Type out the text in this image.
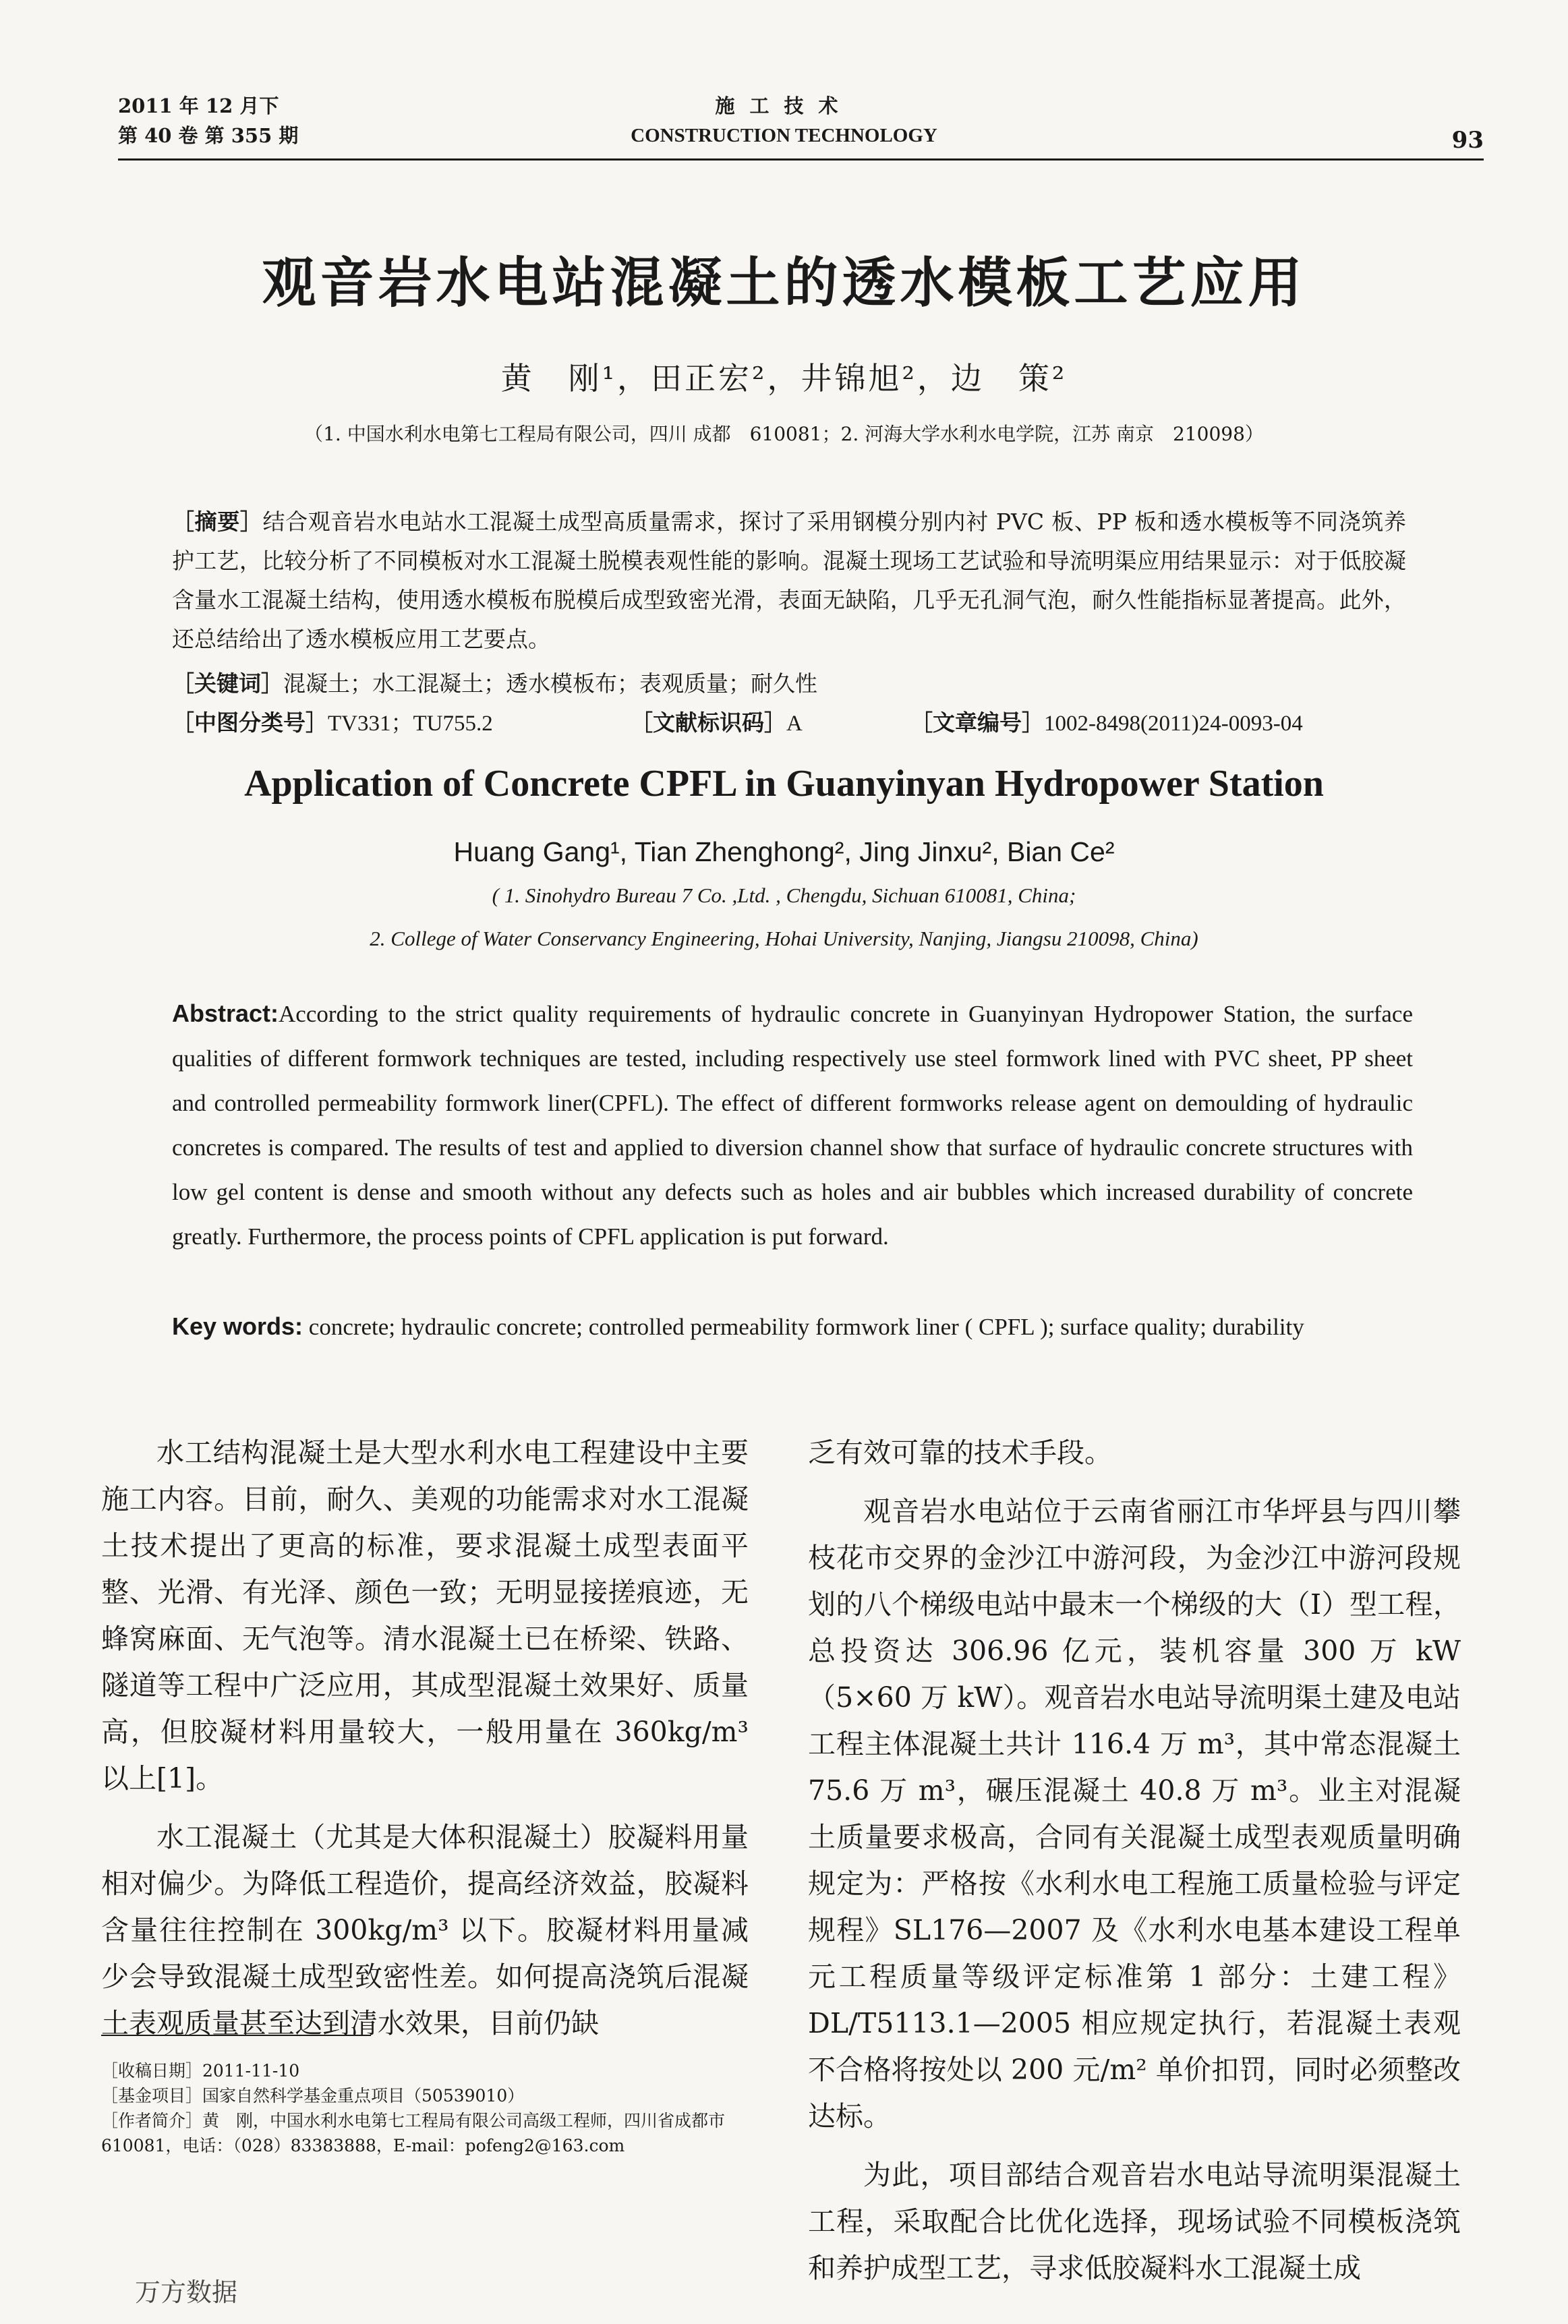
2011 年 12 月下
第 40 卷 第 355 期
施工技术
CONSTRUCTION TECHNOLOGY	93
观音岩水电站混凝土的透水模板工艺应用
黄　刚¹，田正宏²，井锦旭²，边　策²
（1. 中国水利水电第七工程局有限公司，四川 成都　610081；2. 河海大学水利水电学院，江苏 南京　210098）
［摘要］结合观音岩水电站水工混凝土成型高质量需求，探讨了采用钢模分别内衬 PVC 板、PP 板和透水模板等不同浇筑养护工艺，比较分析了不同模板对水工混凝土脱模表观性能的影响。混凝土现场工艺试验和导流明渠应用结果显示：对于低胶凝含量水工混凝土结构，使用透水模板布脱模后成型致密光滑，表面无缺陷，几乎无孔洞气泡，耐久性能指标显著提高。此外，还总结给出了透水模板应用工艺要点。
［关键词］混凝土；水工混凝土；透水模板布；表观质量；耐久性
［中图分类号］TV331；TU755.2	［文献标识码］A	［文章编号］1002-8498(2011)24-0093-04
Application of Concrete CPFL in Guanyinyan Hydropower Station
Huang Gang¹, Tian Zhenghong², Jing Jinxu², Bian Ce²
( 1. Sinohydro Bureau 7 Co. ,Ltd. , Chengdu, Sichuan 610081, China;
2. College of Water Conservancy Engineering, Hohai University, Nanjing, Jiangsu 210098, China)
Abstract:According to the strict quality requirements of hydraulic concrete in Guanyinyan Hydropower Station, the surface qualities of different formwork techniques are tested, including respectively use steel formwork lined with PVC sheet, PP sheet and controlled permeability formwork liner(CPFL). The effect of different formworks release agent on demoulding of hydraulic concretes is compared. The results of test and applied to diversion channel show that surface of hydraulic concrete structures with low gel content is dense and smooth without any defects such as holes and air bubbles which increased durability of concrete greatly. Furthermore, the process points of CPFL application is put forward.
Key words: concrete; hydraulic concrete; controlled permeability formwork liner ( CPFL ); surface quality; durability

水工结构混凝土是大型水利水电工程建设中主要施工内容。目前，耐久、美观的功能需求对水工混凝土技术提出了更高的标准，要求混凝土成型表面平整、光滑、有光泽、颜色一致；无明显接搓痕迹，无蜂窝麻面、无气泡等。清水混凝土已在桥梁、铁路、隧道等工程中广泛应用，其成型混凝土效果好、质量高，但胶凝材料用量较大，一般用量在 360kg/m³ 以上[1]。

水工混凝土（尤其是大体积混凝土）胶凝料用量相对偏少。为降低工程造价，提高经济效益，胶凝料含量往往控制在 300kg/m³ 以下。胶凝材料用量减少会导致混凝土成型致密性差。如何提高浇筑后混凝土表观质量甚至达到清水效果，目前仍缺

乏有效可靠的技术手段。

观音岩水电站位于云南省丽江市华坪县与四川攀枝花市交界的金沙江中游河段，为金沙江中游河段规划的八个梯级电站中最末一个梯级的大（Ⅰ）型工程，总投资达 306.96 亿元，装机容量 300 万 kW（5×60 万 kW）。观音岩水电站导流明渠土建及电站工程主体混凝土共计 116.4 万 m³，其中常态混凝土 75.6 万 m³，碾压混凝土 40.8 万 m³。业主对混凝土质量要求极高，合同有关混凝土成型表观质量明确规定为：严格按《水利水电工程施工质量检验与评定规程》SL176—2007 及《水利水电基本建设工程单元工程质量等级评定标准第 1 部分：土建工程》DL/T5113.1—2005 相应规定执行，若混凝土表观不合格将按处以 200 元/m² 单价扣罚，同时必须整改达标。

为此，项目部结合观音岩水电站导流明渠混凝土工程，采取配合比优化选择，现场试验不同模板浇筑和养护成型工艺，寻求低胶凝料水工混凝土成

［收稿日期］2011-11-10
［基金项目］国家自然科学基金重点项目（50539010）
［作者简介］黄　刚，中国水利水电第七工程局有限公司高级工程师，四川省成都市　610081，电话：（028）83383888，E-mail：pofeng2@163.com
万方数据
